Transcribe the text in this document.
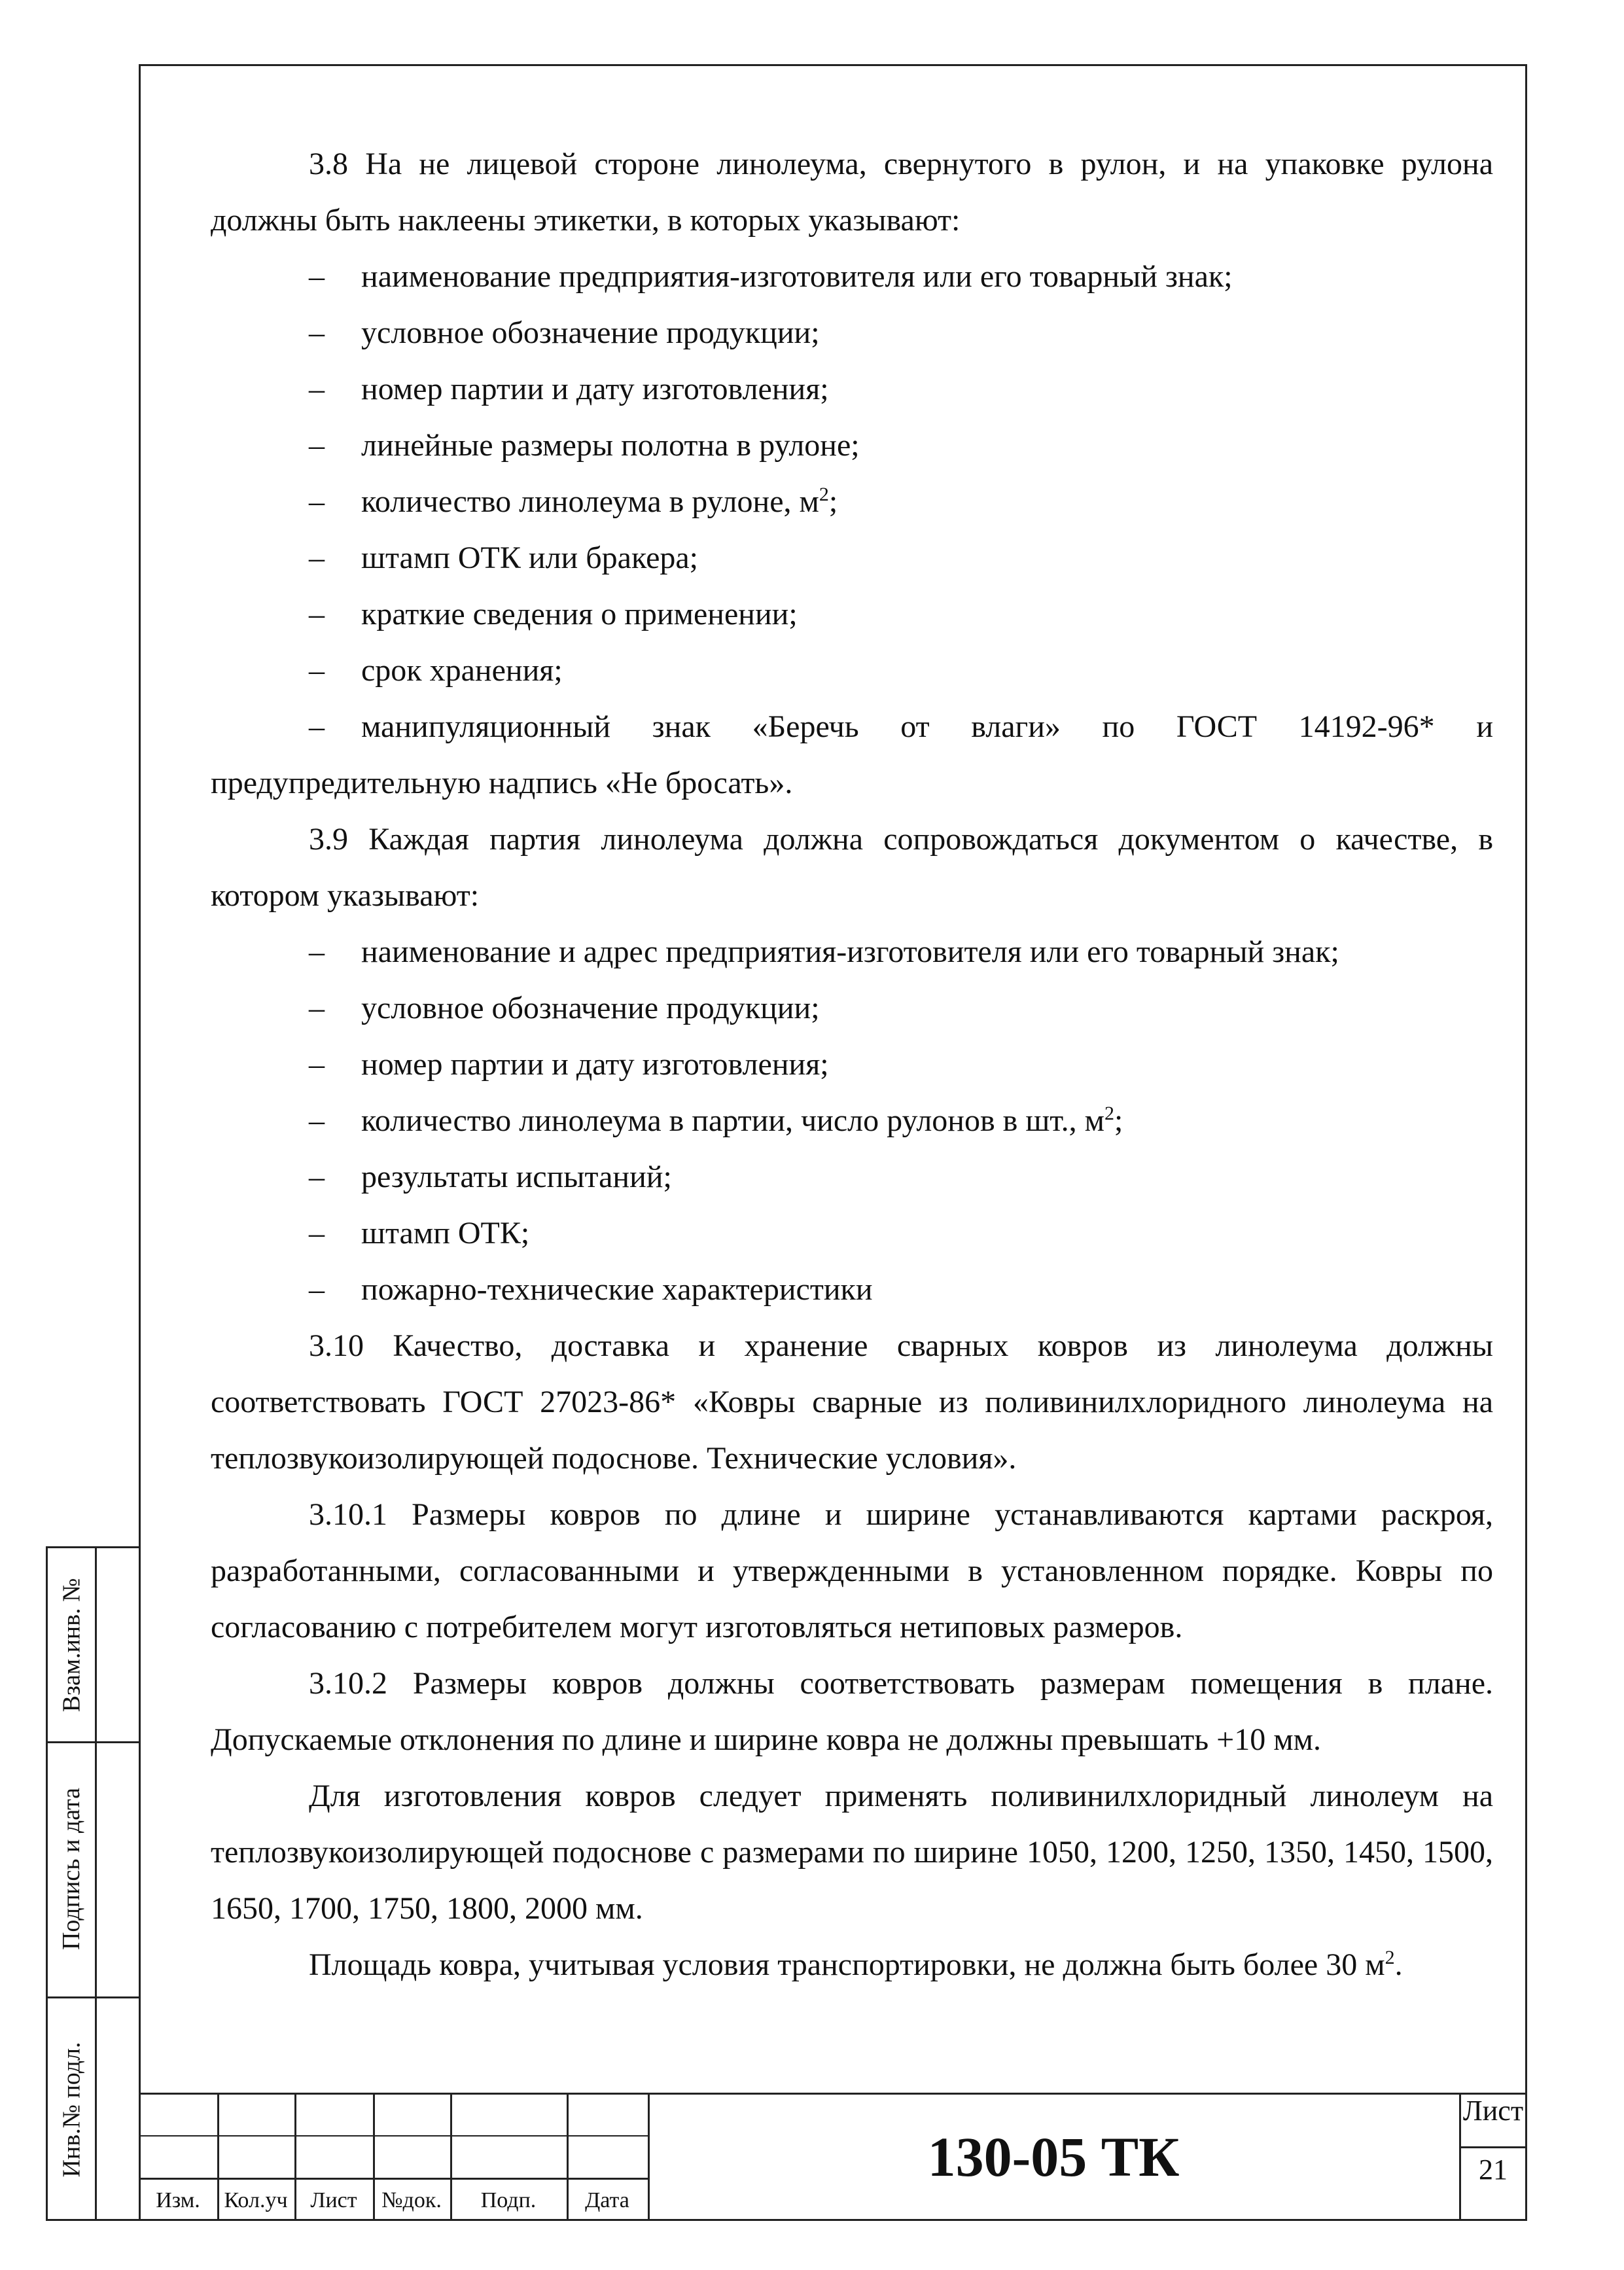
3.8 На не лицевой стороне линолеума, свернутого в рулон, и на упаковке рулона должны быть наклеены этикетки, в которых указывают:

– наименование предприятия-изготовителя или его товарный знак;

– условное обозначение продукции;

– номер партии и дату изготовления;

– линейные размеры полотна в рулоне;

– количество линолеума в рулоне, $м^2$;

– штамп ОТК или бракера;

– краткие сведения о применении;

– срок хранения;

– манипуляционный знак «Беречь от влаги» по ГОСТ 14192-96* и предупредительную надпись «Не бросать».

3.9 Каждая партия линолеума должна сопровождаться документом о качестве, в котором указывают:

– наименование и адрес предприятия-изготовителя или его товарный знак;

– условное обозначение продукции;

– номер партии и дату изготовления;

– количество линолеума в партии, число рулонов в шт., $м^2$;

– результаты испытаний;

– штамп ОТК;

– пожарно-технические характеристики

3.10 Качество, доставка и хранение сварных ковров из линолеума должны соответствовать ГОСТ 27023-86* «Ковры сварные из поливинилхлоридного линолеума на теплозвукоизолирующей подоснове. Технические условия».

3.10.1 Размеры ковров по длине и ширине устанавливаются картами раскроя, разработанными, согласованными и утвержденными в установленном порядке. Ковры по согласованию с потребителем могут изготовляться нетиповых размеров.

3.10.2 Размеры ковров должны соответствовать размерам помещения в плане. Допускаемые отклонения по длине и ширине ковра не должны превышать +10 мм.

Для изготовления ковров следует применять поливинилхлоридный линолеум на теплозвукоизолирующей подоснове с размерами по ширине 1050, 1200, 1250, 1350, 1450, 1500, 1650, 1700, 1750, 1800, 2000 мм.

Площадь ковра, учитывая условия транспортировки, не должна быть более 30 $м^2$.

Взам.инв. №
Подпись и дата
Инв.№ подл.
Изм.	Кол.уч	Лист	№док.	Подп.	Дата
130-05 ТК
Лист
21
